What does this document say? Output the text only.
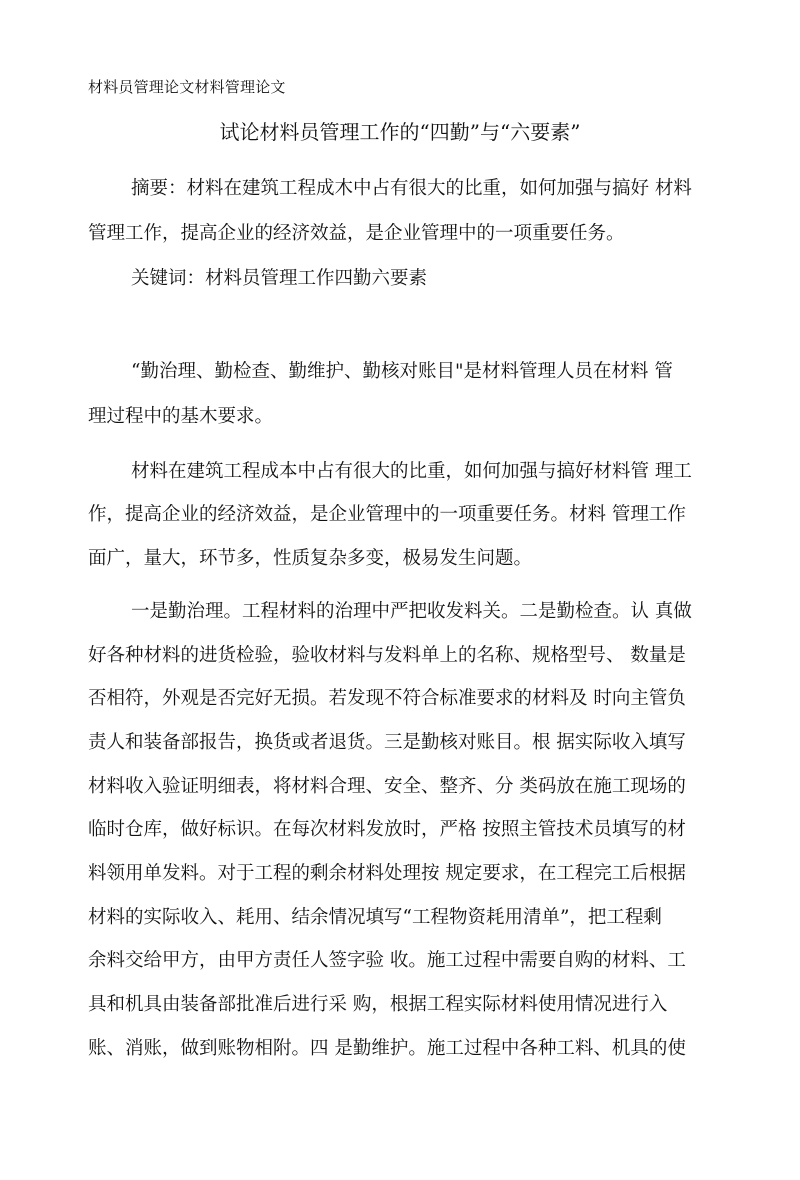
材料员管理论文材料管理论文
试论材料员管理工作的“四勤”与“六要素”
摘要：材料在建筑工程成木中占有很大的比重，如何加强与搞好 材料
管理工作，提高企业的经济效益，是企业管理中的一项重要任务。
关键词：材料员管理工作四勤六要素
“勤治理、勤检查、勤维护、勤核对账目"是材料管理人员在材料 管
理过程中的基木要求。
材料在建筑工程成本中占有很大的比重，如何加强与搞好材料管 理工
作，提高企业的经济效益，是企业管理中的一项重要任务。材料 管理工作
面广，量大，环节多，性质复杂多变，极易发生问题。
一是勤治理。工程材料的治理中严把收发料关。二是勤检查。认 真做
好各种材料的进货检验，验收材料与发料单上的名称、规格型号、 数量是
否相符，外观是否完好无损。若发现不符合标准要求的材料及 时向主管负
责人和装备部报告，换货或者退货。三是勤核对账目。根 据实际收入填写
材料收入验证明细表，将材料合理、安全、整齐、分 类码放在施工现场的
临时仓库，做好标识。在每次材料发放时，严格 按照主管技术员填写的材
料领用单发料。对于工程的剩余材料处理按 规定要求，在工程完工后根据
材料的实际收入、耗用、结余情况填写“工程物资耗用清单”，把工程剩
余料交给甲方，由甲方责任人签字验 收。施工过程中需要自购的材料、工
具和机具由装备部批准后进行采 购，根据工程实际材料使用情况进行入
账、消账，做到账物相附。四 是勤维护。施工过程中各种工料、机具的使
